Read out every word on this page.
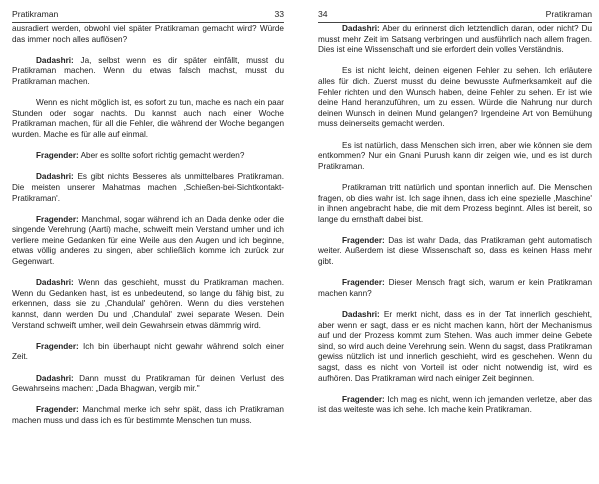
Pratikraman	33

ausradiert werden, obwohl viel später Pratikraman gemacht wird? Würde das immer noch alles auflösen?

Dadashri: Ja, selbst wenn es dir später einfällt, musst du Pratikraman machen. Wenn du etwas falsch machst, musst du Pratikraman machen.

Wenn es nicht möglich ist, es sofort zu tun, mache es nach ein paar Stunden oder sogar nachts. Du kannst auch nach einer Woche Pratikraman machen, für all die Fehler, die während der Woche begangen wurden. Mache es für alle auf einmal.

Fragender: Aber es sollte sofort richtig gemacht werden?

Dadashri: Es gibt nichts Besseres als unmittelbares Pratikraman. Die meisten unserer Mahatmas machen ‚Schießen-bei-Sichtkontakt-Pratikraman'.

Fragender: Manchmal, sogar während ich an Dada denke oder die singende Verehrung (Aarti) mache, schweift mein Verstand umher und ich verliere meine Gedanken für eine Weile aus den Augen und ich beginne, etwas völlig anderes zu singen, aber schließlich komme ich zurück zur Gegenwart.

Dadashri: Wenn das geschieht, musst du Pratikraman machen. Wenn du Gedanken hast, ist es unbedeutend, so lange du fähig bist, zu erkennen, dass sie zu ‚Chandulal' gehören. Wenn du dies verstehen kannst, dann werden Du und ‚Chandulal' zwei separate Wesen. Dein Verstand schweift umher, weil dein Gewahrsein etwas dämmrig wird.

Fragender: Ich bin überhaupt nicht gewahr während solch einer Zeit.

Dadashri: Dann musst du Pratikraman für deinen Verlust des Gewahrseins machen: „Dada Bhagwan, vergib mir."

Fragender: Manchmal merke ich sehr spät, dass ich Pratikraman machen muss und dass ich es für bestimmte Menschen tun muss.

34	Pratikraman

Dadashri: Aber du erinnerst dich letztendlich daran, oder nicht? Du musst mehr Zeit im Satsang verbringen und ausführlich nach allem fragen. Dies ist eine Wissenschaft und sie erfordert dein volles Verständnis.

Es ist nicht leicht, deinen eigenen Fehler zu sehen. Ich erläutere alles für dich. Zuerst musst du deine bewusste Aufmerksamkeit auf die Fehler richten und den Wunsch haben, deine Fehler zu sehen. Er ist wie deine Hand heranzuführen, um zu essen. Würde die Nahrung nur durch deinen Wunsch in deinen Mund gelangen? Irgendeine Art von Bemühung muss deinerseits gemacht werden.

Es ist natürlich, dass Menschen sich irren, aber wie können sie dem entkommen? Nur ein Gnani Purush kann dir zeigen wie, und es ist durch Pratikraman.

Pratikraman tritt natürlich und spontan innerlich auf. Die Menschen fragen, ob dies wahr ist. Ich sage ihnen, dass ich eine spezielle ‚Maschine' in ihnen angebracht habe, die mit dem Prozess beginnt. Alles ist bereit, so lange du ernsthaft dabei bist.

Fragender: Das ist wahr Dada, das Pratikraman geht automatisch weiter. Außerdem ist diese Wissenschaft so, dass es keinen Hass mehr gibt.

Fragender: Dieser Mensch fragt sich, warum er kein Pratikraman machen kann?

Dadashri: Er merkt nicht, dass es in der Tat innerlich geschieht, aber wenn er sagt, dass er es nicht machen kann, hört der Mechanismus auf und der Prozess kommt zum Stehen. Was auch immer deine Gebete sind, so wird auch deine Verehrung sein. Wenn du sagst, dass Pratikraman gewiss nützlich ist und innerlich geschieht, wird es geschehen. Wenn du sagst, dass es nicht von Vorteil ist oder nicht notwendig ist, wird es aufhören. Das Pratikraman wird nach einiger Zeit beginnen.

Fragender: Ich mag es nicht, wenn ich jemanden verletze, aber das ist das weiteste was ich sehe. Ich mache kein Pratikraman.
